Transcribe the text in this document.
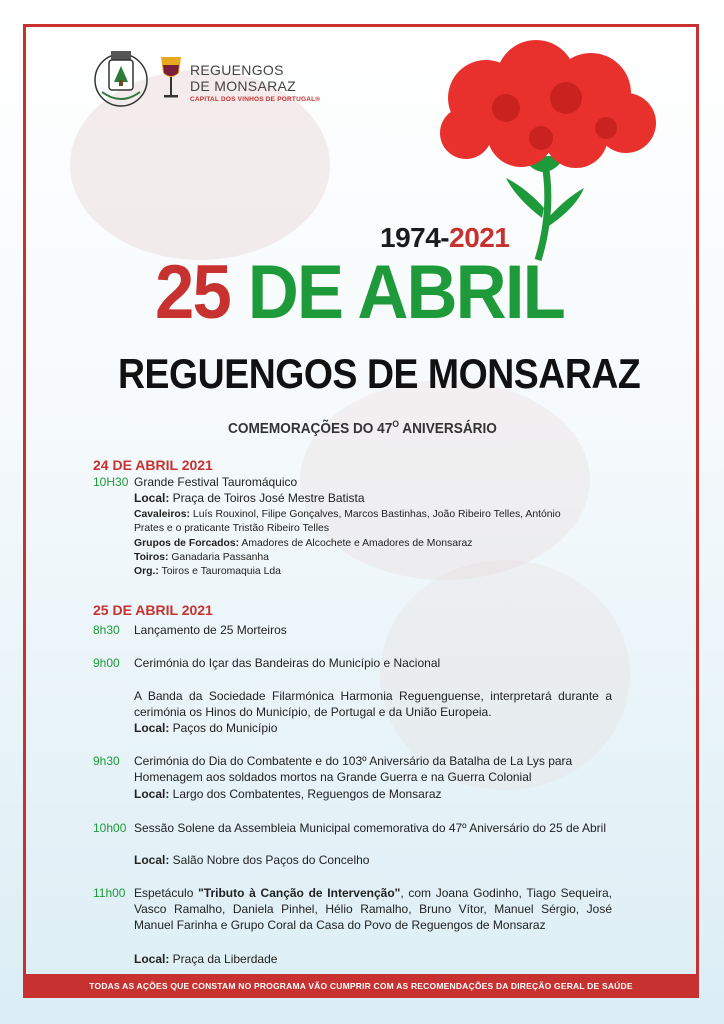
REGUENGOS
DE MONSARAZ
CAPITAL DOS VINHOS DE PORTUGAL®
1974-2021
25 DE ABRIL
REGUENGOS DE MONSARAZ
COMEMORAÇÕES DO $47^O$ ANIVERSÁRIO
24 DE ABRIL 2021
10H30 Grande Festival Tauromáquico
Local: Praça de Toiros José Mestre Batista
Cavaleiros: Luís Rouxinol, Filipe Gonçalves, Marcos Bastinhas, João Ribeiro Telles, António
Prates e o praticante Tristão Ribeiro Telles
Grupos de Forcados: Amadores de Alcochete e Amadores de Monsaraz
Toiros: Ganadaria Passanha
Org.: Toiros e Tauromaquia Lda
25 DE ABRIL 2021
8h30 Lançamento de 25 Morteiros
9h00 Cerimónia do Içar das Bandeiras do Município e Nacional
A Banda da Sociedade Filarmónica Harmonia Reguenguense, interpretará durante a cerimónia os Hinos do Município, de Portugal e da União Europeia.
Local: Paços do Município
9h30 Cerimónia do Dia do Combatente e do 103º Aniversário da Batalha de La Lys para Homenagem aos soldados mortos na Grande Guerra e na Guerra Colonial
Local: Largo dos Combatentes, Reguengos de Monsaraz
10h00 Sessão Solene da Assembleia Municipal comemorativa do 47º Aniversário do 25 de Abril
Local: Salão Nobre dos Paços do Concelho
11h00 Espetáculo "Tributo à Canção de Intervenção", com Joana Godinho, Tiago Sequeira, Vasco Ramalho, Daniela Pinhel, Hélio Ramalho, Bruno Vítor, Manuel Sérgio, José Manuel Farinha e Grupo Coral da Casa do Povo de Reguengos de Monsaraz
Local: Praça da Liberdade
TODAS AS AÇÕES QUE CONSTAM NO PROGRAMA VÃO CUMPRIR COM AS RECOMENDAÇÕES DA DIREÇÃO GERAL DE SAÚDE
